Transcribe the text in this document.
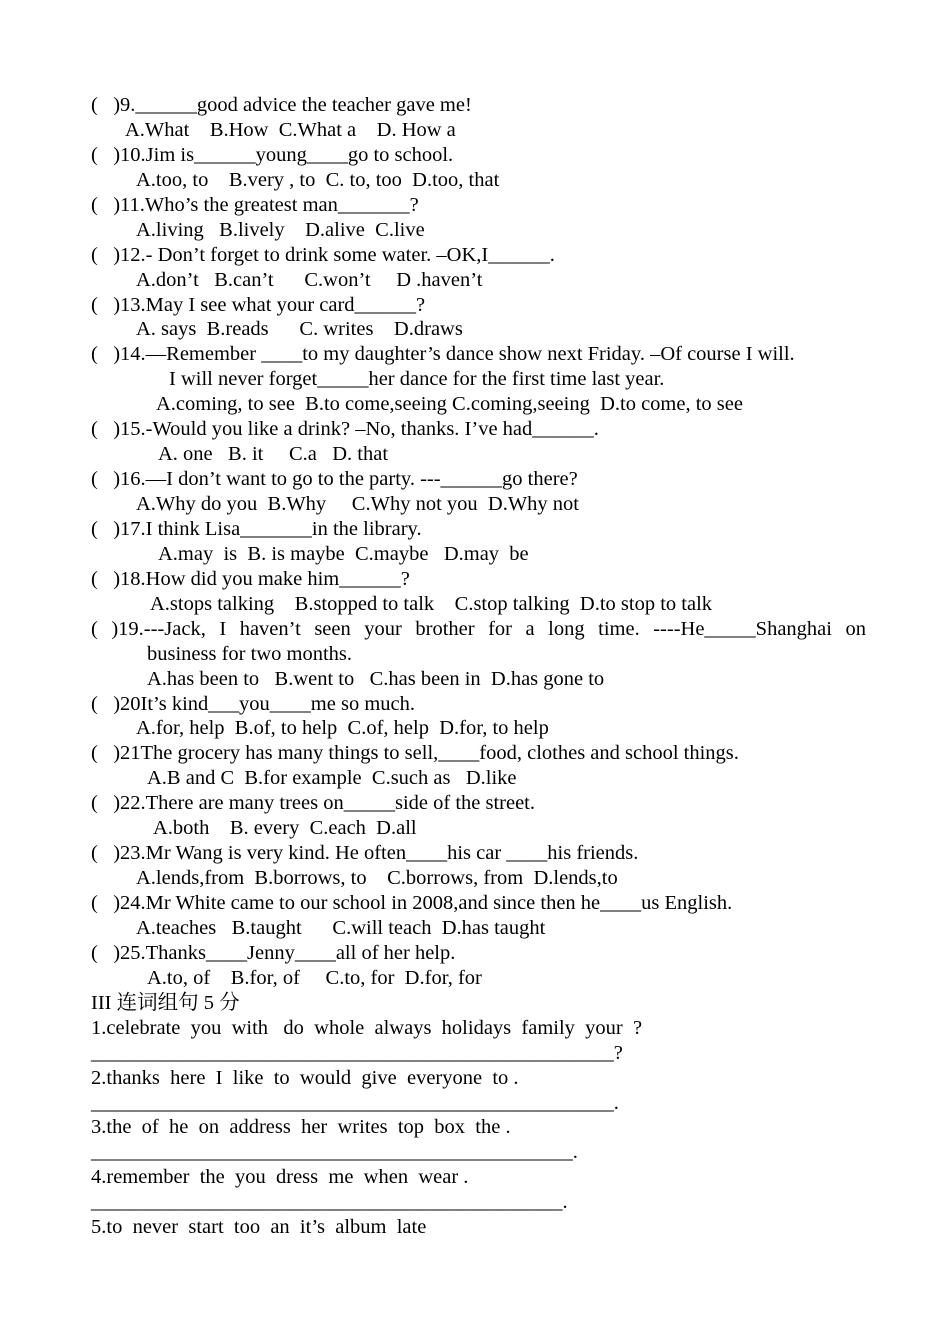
(   )9.______good advice the teacher gave me!
A.What    B.How  C.What a    D. How a
(   )10.Jim is______young____go to school.
A.too, to    B.very , to  C. to, too  D.too, that
(   )11.Who’s the greatest man_______?
A.living   B.lively    D.alive  C.live
(   )12.- Don’t forget to drink some water. –OK,I______.
A.don’t   B.can’t      C.won’t     D .haven’t
(   )13.May I see what your card______?
A. says  B.reads      C. writes    D.draws
(   )14.—Remember ____to my daughter’s dance show next Friday. –Of course I will.
I will never forget_____her dance for the first time last year.
A.coming, to see  B.to come,seeing C.coming,seeing  D.to come, to see
(   )15.-Would you like a drink? –No, thanks. I’ve had______.
A. one   B. it     C.a   D. that
(   )16.—I don’t want to go to the party. ---______go there?
A.Why do you  B.Why     C.Why not you  D.Why not
(   )17.I think Lisa_______in the library.
A.may  is  B. is maybe  C.maybe   D.may  be
(   )18.How did you make him______?
A.stops talking    B.stopped to talk    C.stop talking  D.to stop to talk
( )19.---Jack, I haven’t seen your brother for a long time. ----He_____Shanghai on
business for two months.
A.has been to   B.went to   C.has been in  D.has gone to
(   )20It’s kind___you____me so much.
A.for, help  B.of, to help  C.of, help  D.for, to help
(   )21The grocery has many things to sell,____food, clothes and school things.
A.B and C  B.for example  C.such as   D.like
(   )22.There are many trees on_____side of the street.
A.both    B. every  C.each  D.all
(   )23.Mr Wang is very kind. He often____his car ____his friends.
A.lends,from  B.borrows, to    C.borrows, from  D.lends,to
(   )24.Mr White came to our school in 2008,and since then he____us English.
A.teaches   B.taught      C.will teach  D.has taught
(   )25.Thanks____Jenny____all of her help.
A.to, of    B.for, of     C.to, for  D.for, for
III 连词组句 5 分
1.celebrate  you  with   do  whole  always  holidays  family  your  ?
___________________________________________________?
2.thanks  here  I  like  to  would  give  everyone  to .
___________________________________________________.
3.the  of  he  on  address  her  writes  top  box  the .
_______________________________________________.
4.remember  the  you  dress  me  when  wear .
______________________________________________.
5.to  never  start  too  an  it’s  album  late
